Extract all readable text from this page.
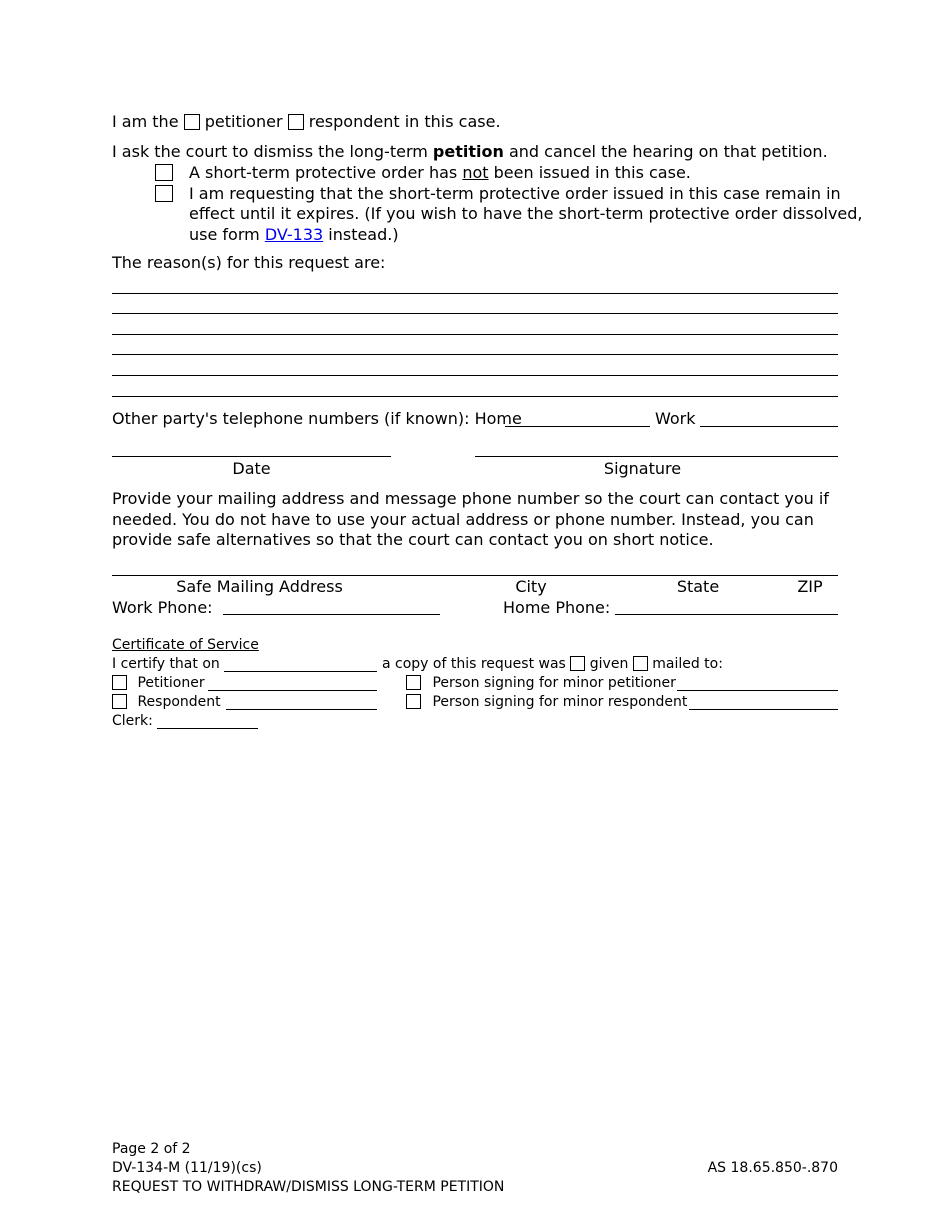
I am the petitioner respondent in this case.
I ask the court to dismiss the long-term petition and cancel the hearing on that petition.
A short-term protective order has not been issued in this case.
I am requesting that the short-term protective order issued in this case remain in
effect until it expires. (If you wish to have the short-term protective order dissolved,
use form DV-133 instead.)
The reason(s) for this request are:
Other party's telephone numbers (if known): Home	Work
Date	Signature
Provide your mailing address and message phone number so the court can contact you if
needed. You do not have to use your actual address or phone number. Instead, you can
provide safe alternatives so that the court can contact you on short notice.
Safe Mailing Address	City	State	ZIP
Work Phone:	Home Phone:
Certificate of Service
I certify that on	a copy of this request was given mailed to:
Petitioner	Person signing for minor petitioner
Respondent	Person signing for minor respondent
Clerk:
Page 2 of 2
DV-134-M (11/19)(cs)
REQUEST TO WITHDRAW/DISMISS LONG-TERM PETITION
AS 18.65.850-.870
